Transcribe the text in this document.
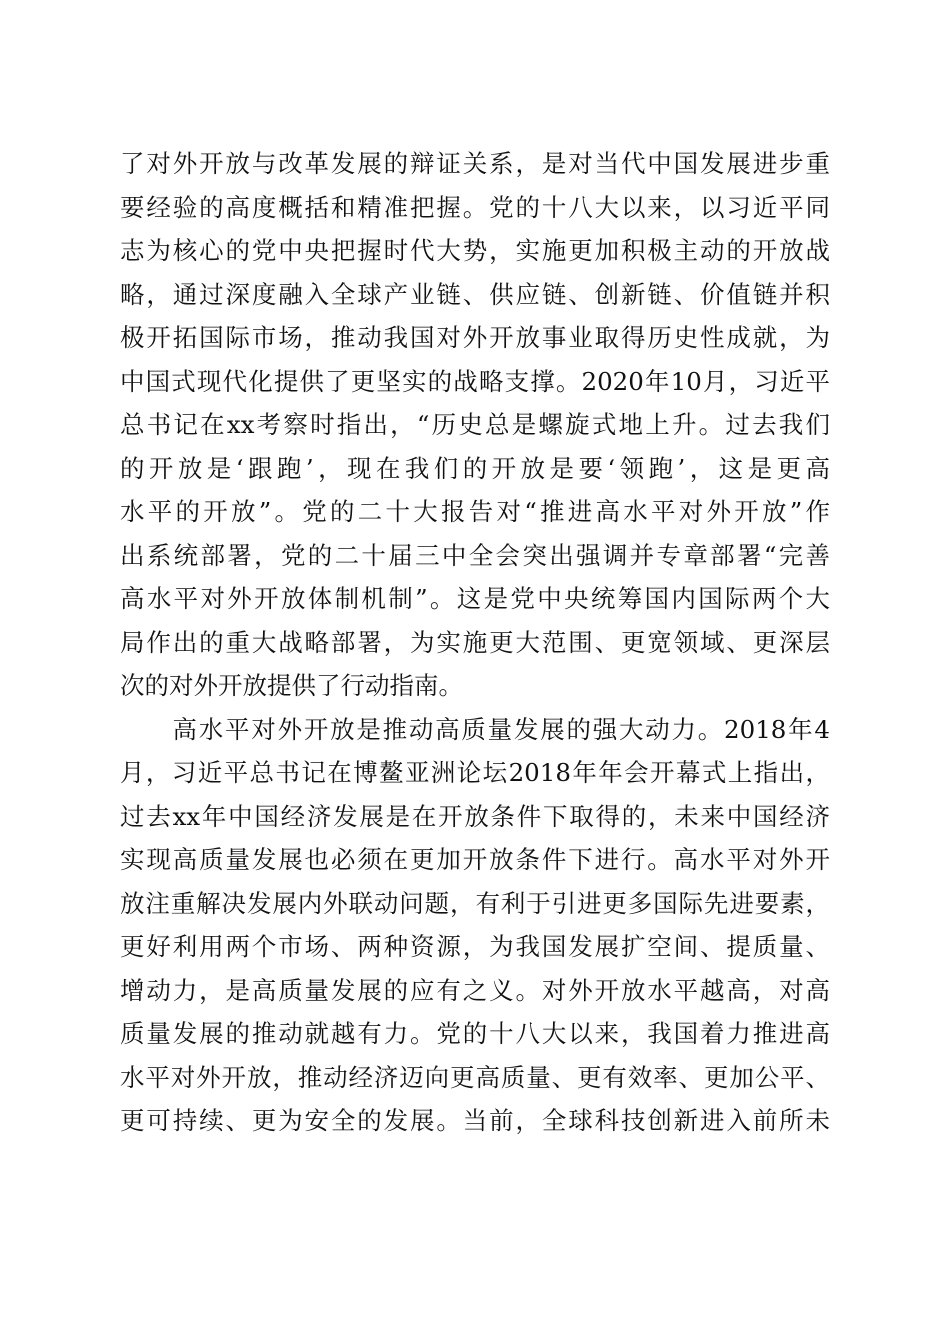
了对外开放与改革发展的辩证关系，是对当代中国发展进步重
要经验的高度概括和精准把握。党的十八大以来，以习近平同
志为核心的党中央把握时代大势，实施更加积极主动的开放战
略，通过深度融入全球产业链、供应链、创新链、价值链并积
极开拓国际市场，推动我国对外开放事业取得历史性成就，为
中国式现代化提供了更坚实的战略支撑。2020年10月，习近平
总书记在xx考察时指出，“历史总是螺旋式地上升。过去我们
的开放是‘跟跑’，现在我们的开放是要‘领跑’，这是更高
水平的开放”。党的二十大报告对“推进高水平对外开放”作
出系统部署，党的二十届三中全会突出强调并专章部署“完善
高水平对外开放体制机制”。这是党中央统筹国内国际两个大
局作出的重大战略部署，为实施更大范围、更宽领域、更深层
次的对外开放提供了行动指南。
　　高水平对外开放是推动高质量发展的强大动力。2018年4
月，习近平总书记在博鳌亚洲论坛2018年年会开幕式上指出，
过去xx年中国经济发展是在开放条件下取得的，未来中国经济
实现高质量发展也必须在更加开放条件下进行。高水平对外开
放注重解决发展内外联动问题，有利于引进更多国际先进要素，
更好利用两个市场、两种资源，为我国发展扩空间、提质量、
增动力，是高质量发展的应有之义。对外开放水平越高，对高
质量发展的推动就越有力。党的十八大以来，我国着力推进高
水平对外开放，推动经济迈向更高质量、更有效率、更加公平、
更可持续、更为安全的发展。当前，全球科技创新进入前所未
